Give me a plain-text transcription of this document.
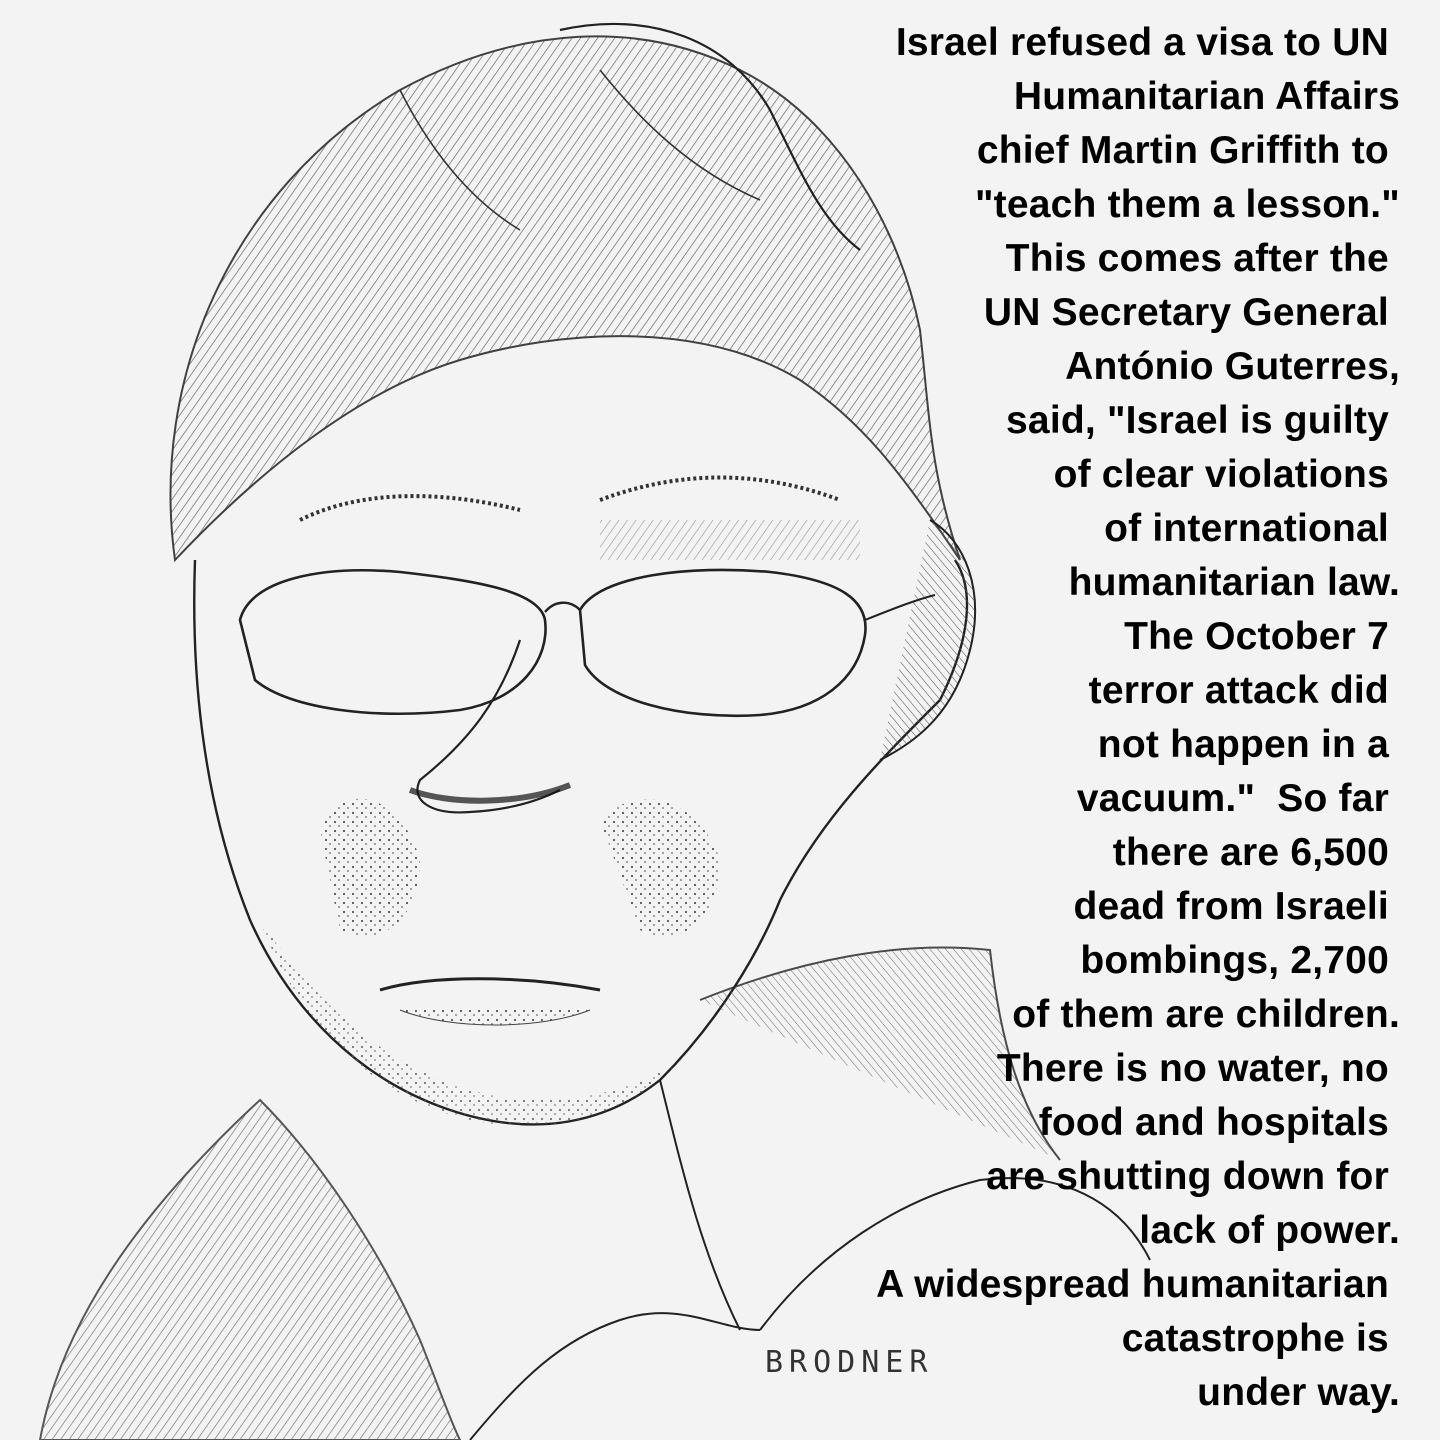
Israel refused a visa to UN
Humanitarian Affairs
chief Martin Griffith to
"teach them a lesson."
This comes after the
UN Secretary General
António Guterres,
said, "Israel is guilty
of clear violations
of international
humanitarian law.
The October 7
terror attack did
not happen in a
vacuum."  So far
there are 6,500
dead from Israeli
bombings, 2,700
of them are children.
There is no water, no
food and hospitals
are shutting down for
lack of power.
A widespread humanitarian
catastrophe is
under way.
BRODNER
